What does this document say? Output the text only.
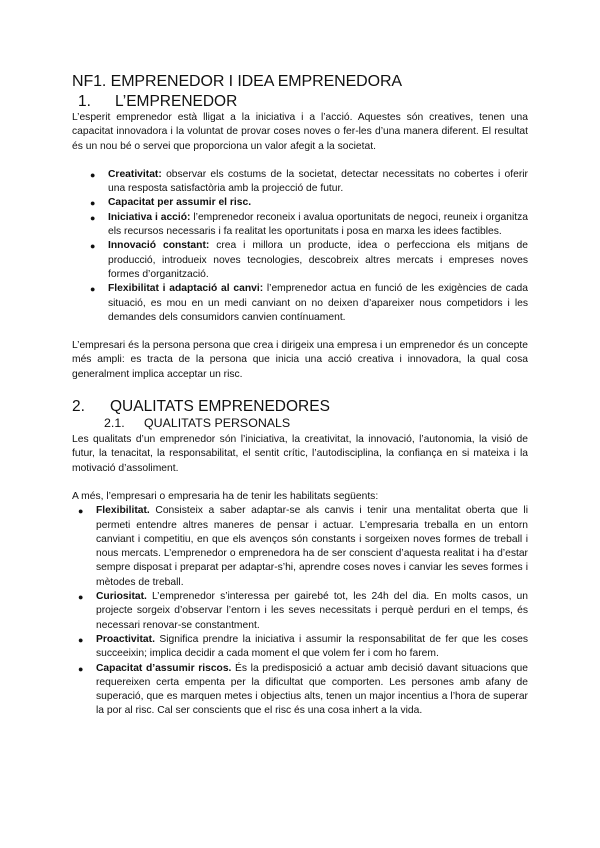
NF1. EMPRENEDOR I IDEA EMPRENEDORA
1.	L’EMPRENEDOR

L’esperit emprenedor està lligat a la iniciativa i a l’acció. Aquestes són creatives, tenen una capacitat innovadora i la voluntat de provar coses noves o fer-les d’una manera diferent. El resultat és un nou bé o servei que proporciona un valor afegit a la societat.

● Creativitat: observar els costums de la societat, detectar necessitats no cobertes i oferir una resposta satisfactòria amb la projecció de futur.
● Capacitat per assumir el risc.
● Iniciativa i acció: l’emprenedor reconeix i avalua oportunitats de negoci, reuneix i organitza els recursos necessaris i fa realitat les oportunitats i posa en marxa les idees factibles.
● Innovació constant: crea i millora un producte, idea o perfecciona els mitjans de producció, introdueix noves tecnologies, descobreix altres mercats i empreses noves formes d’organització.
● Flexibilitat i adaptació al canvi: l’emprenedor actua en funció de les exigències de cada situació, es mou en un medi canviant on no deixen d’apareixer nous competidors i les demandes dels consumidors canvien contínuament.

L’empresari és la persona persona que crea i dirigeix una empresa i un emprenedor és un concepte més ampli: es tracta de la persona que inicia una acció creativa i innovadora, la qual cosa generalment implica acceptar un risc.

2.	QUALITATS EMPRENEDORES
2.1.	QUALITATS PERSONALS

Les qualitats d’un emprenedor són l’iniciativa, la creativitat, la innovació, l’autonomia, la visió de futur, la tenacitat, la responsabilitat, el sentit crític, l’autodisciplina, la confiança en si mateixa i la motivació d’assoliment.

A més, l’empresari o empresaria ha de tenir les habilitats següents:

● Flexibilitat. Consisteix a saber adaptar-se als canvis i tenir una mentalitat oberta que li permeti entendre altres maneres de pensar i actuar. L’empresaria treballa en un entorn canviant i competitiu, en que els avenços són constants i sorgeixen noves formes de treball i nous mercats. L’emprenedor o emprenedora ha de ser conscient d’aquesta realitat i ha d’estar sempre disposat i preparat per adaptar-s’hi, aprendre coses noves i canviar les seves formes i mètodes de treball.
● Curiositat. L’emprenedor s’interessa per gairebé tot, les 24h del dia. En molts casos, un projecte sorgeix d’observar l’entorn i les seves necessitats i perquè perduri en el temps, és necessari renovar-se constantment.
● Proactivitat. Significa prendre la iniciativa i assumir la responsabilitat de fer que les coses succeeixin; implica decidir a cada moment el que volem fer i com ho farem.
● Capacitat d’assumir riscos. És la predisposició a actuar amb decisió davant situacions que requereixen certa empenta per la dificultat que comporten. Les persones amb afany de superació, que es marquen metes i objectius alts, tenen un major incentius a l’hora de superar la por al risc. Cal ser conscients que el risc és una cosa inhert a la vida.
